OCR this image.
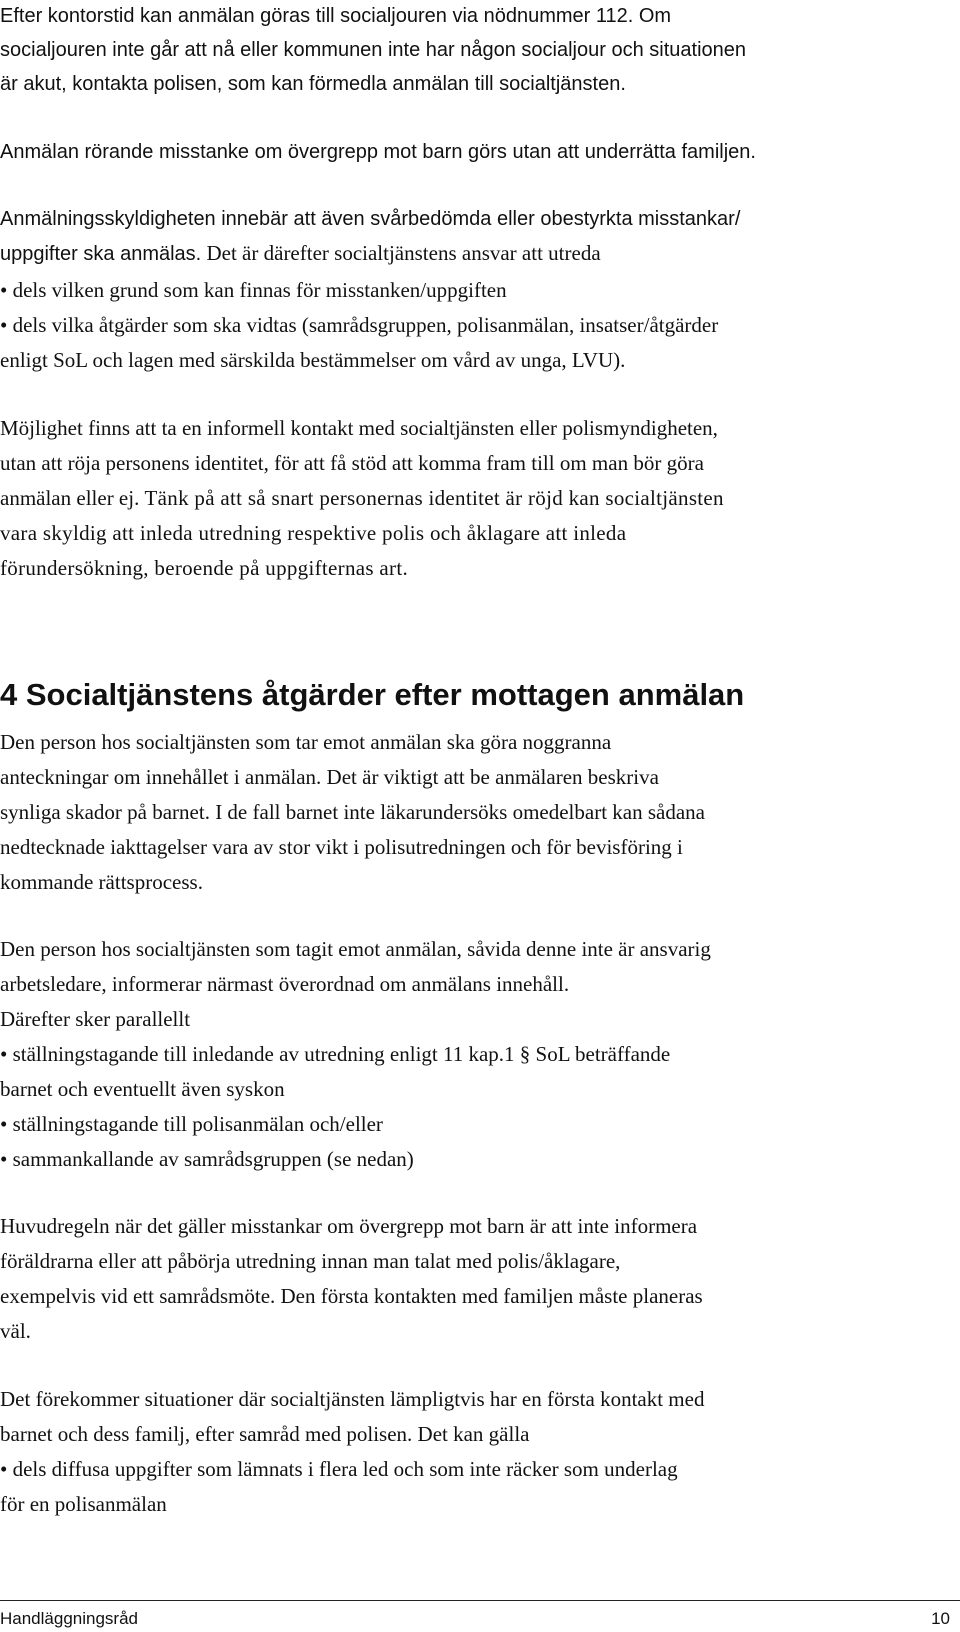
Efter kontorstid kan anmälan göras till socialjouren via nödnummer 112. Om
socialjouren inte går att nå eller kommunen inte har någon socialjour och situationen
är akut, kontakta polisen, som kan förmedla anmälan till socialtjänsten.
Anmälan rörande misstanke om övergrepp mot barn görs utan att underrätta familjen.
Anmälningsskyldigheten innebär att även svårbedömda eller obestyrkta misstankar/
uppgifter ska anmälas. Det är därefter socialtjänstens ansvar att utreda
• dels vilken grund som kan finnas för misstanken/uppgiften
• dels vilka åtgärder som ska vidtas (samrådsgruppen, polisanmälan, insatser/åtgärder
enligt SoL och lagen med särskilda bestämmelser om vård av unga, LVU).
Möjlighet finns att ta en informell kontakt med socialtjänsten eller polismyndigheten,
utan att röja personens identitet, för att få stöd att komma fram till om man bör göra
anmälan eller ej. Tänk på att så snart personernas identitet är röjd kan socialtjänsten
vara skyldig att inleda utredning respektive polis och åklagare att inleda
förundersökning, beroende på uppgifternas art.
4 Socialtjänstens åtgärder efter mottagen anmälan
Den person hos socialtjänsten som tar emot anmälan ska göra noggranna
anteckningar om innehållet i anmälan. Det är viktigt att be anmälaren beskriva
synliga skador på barnet. I de fall barnet inte läkarundersöks omedelbart kan sådana
nedtecknade iakttagelser vara av stor vikt i polisutredningen och för bevisföring i
kommande rättsprocess.
Den person hos socialtjänsten som tagit emot anmälan, såvida denne inte är ansvarig
arbetsledare, informerar närmast överordnad om anmälans innehåll.
Därefter sker parallellt
• ställningstagande till inledande av utredning enligt 11 kap.1 § SoL beträffande
barnet och eventuellt även syskon
• ställningstagande till polisanmälan och/eller
• sammankallande av samrådsgruppen (se nedan)
Huvudregeln när det gäller misstankar om övergrepp mot barn är att inte informera
föräldrarna eller att påbörja utredning innan man talat med polis/åklagare,
exempelvis vid ett samrådsmöte. Den första kontakten med familjen måste planeras
väl.
Det förekommer situationer där socialtjänsten lämpligtvis har en första kontakt med
barnet och dess familj, efter samråd med polisen. Det kan gälla
• dels diffusa uppgifter som lämnats i flera led och som inte räcker som underlag
för en polisanmälan
Handläggningsråd	10
